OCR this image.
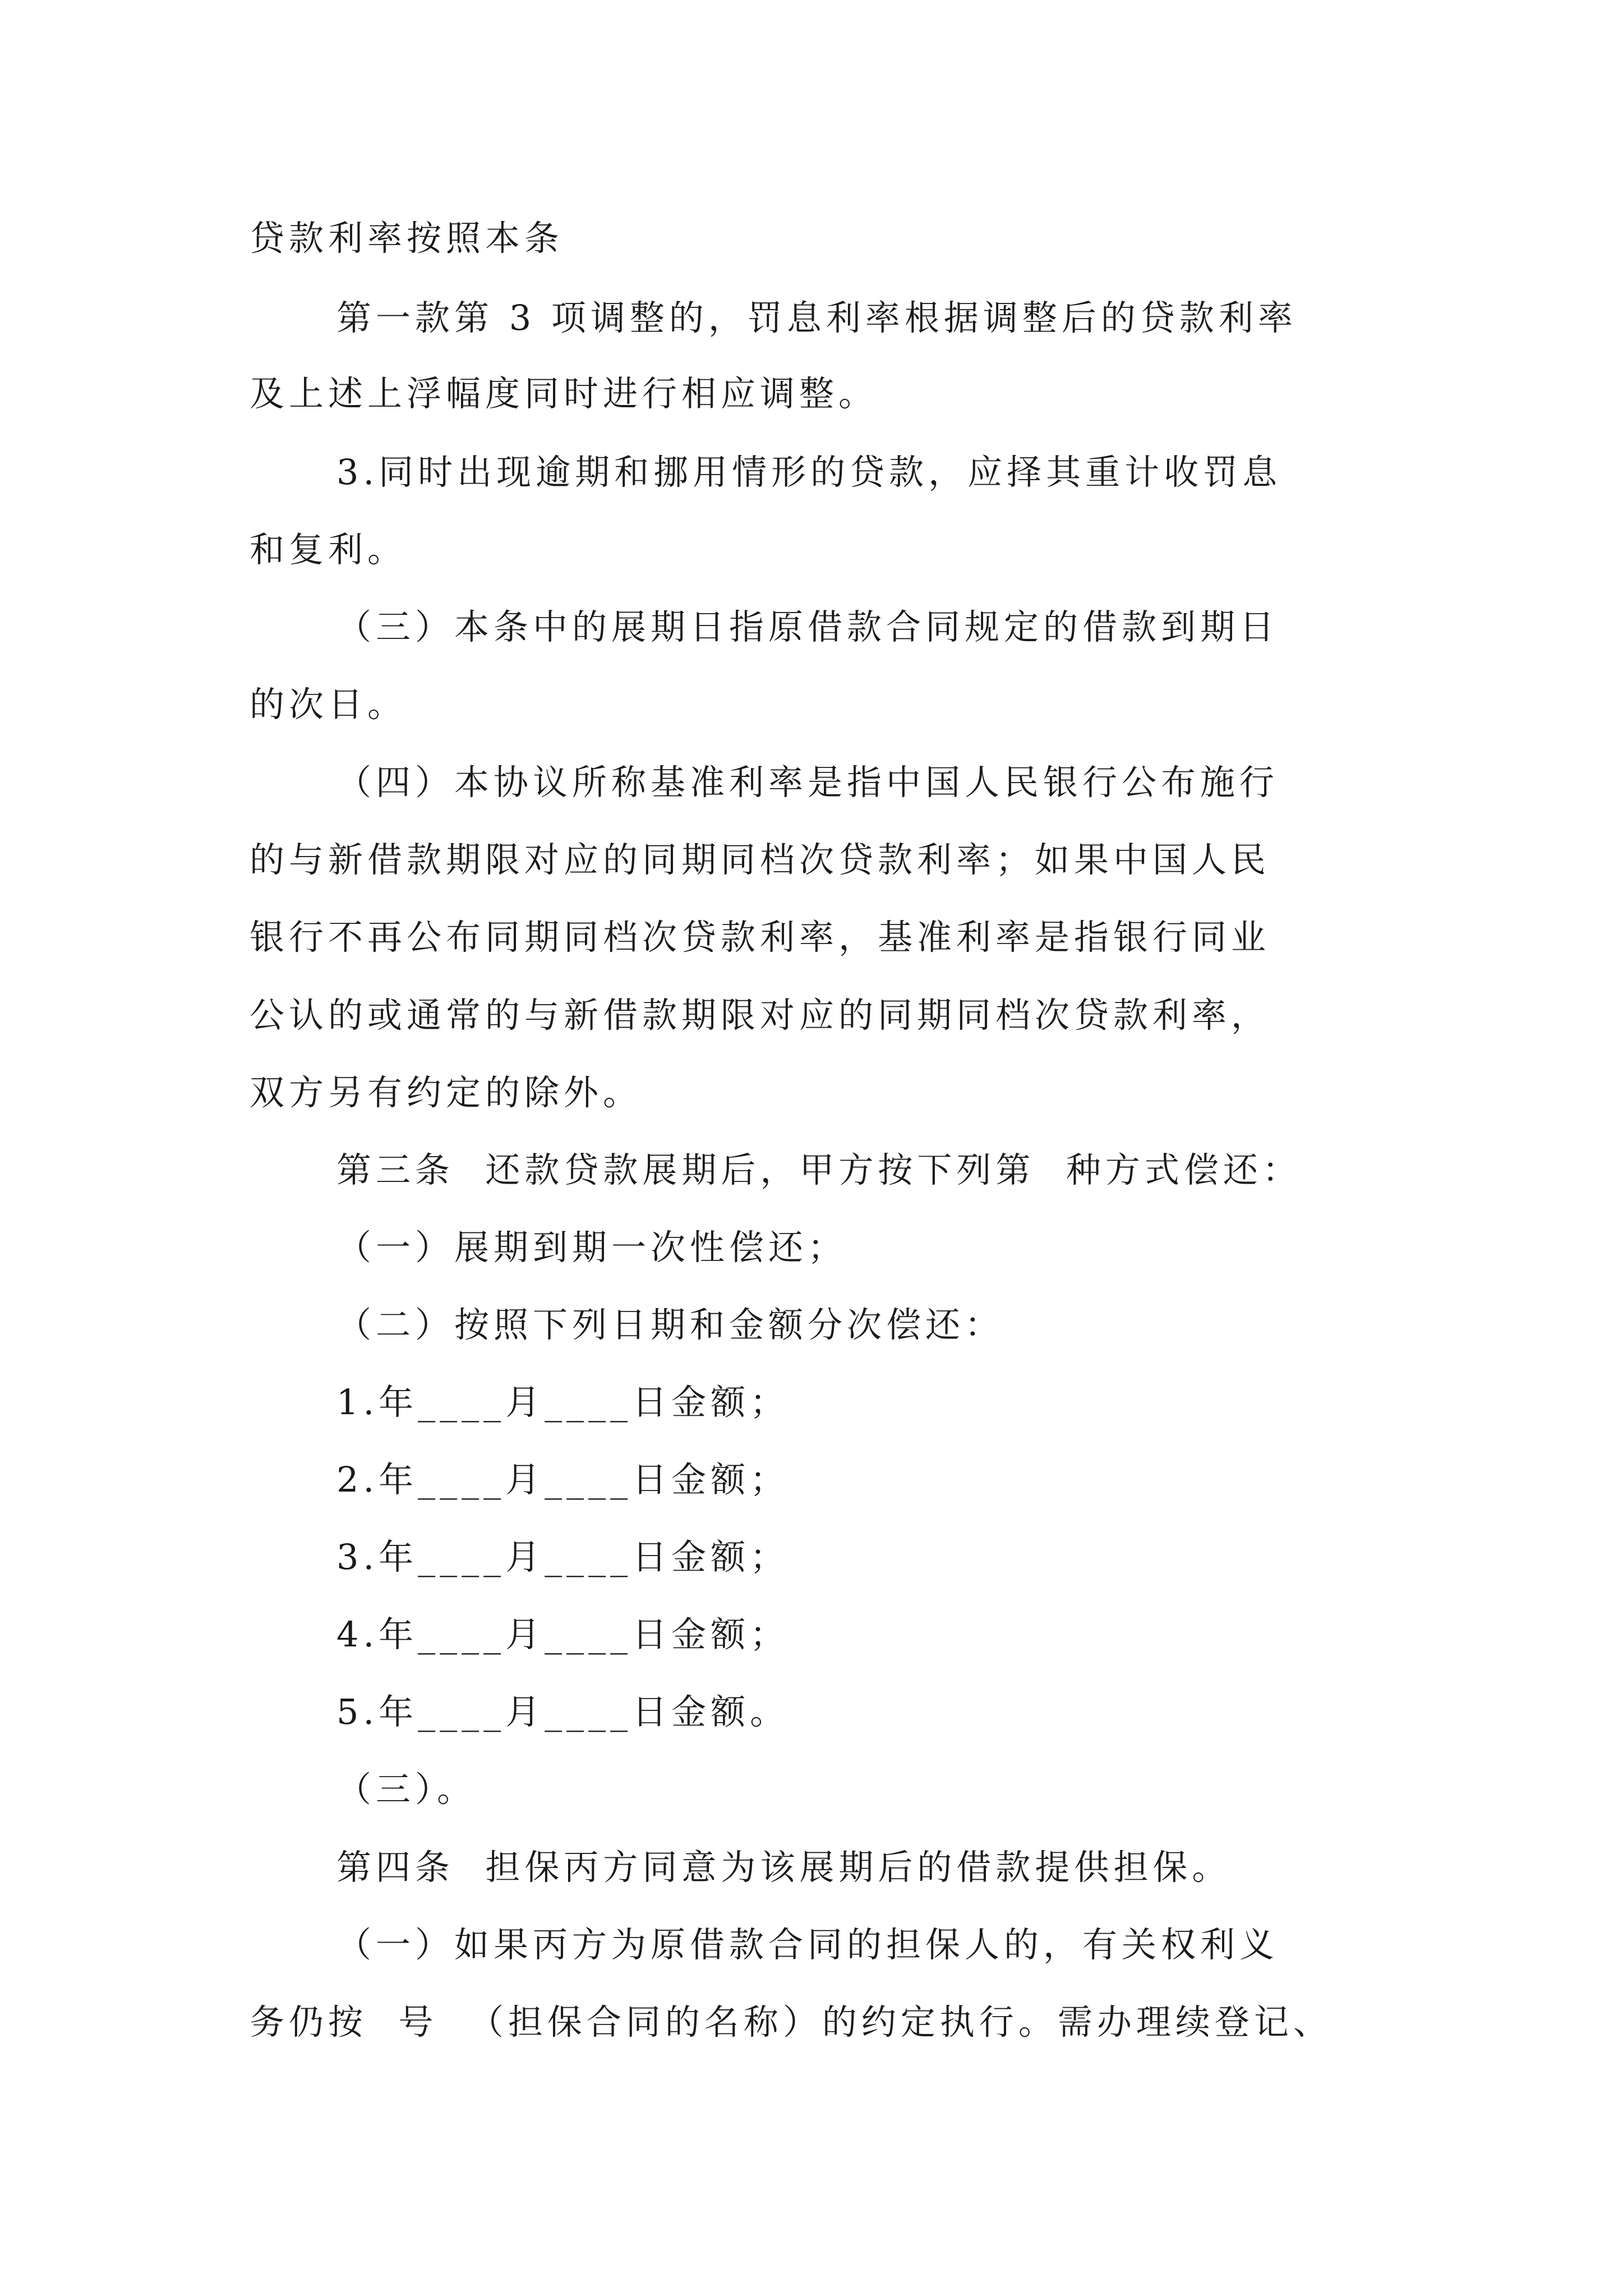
贷款利率按照本条
第一款第 3 项调整的，罚息利率根据调整后的贷款利率
及上述上浮幅度同时进行相应调整。
3.同时出现逾期和挪用情形的贷款，应择其重计收罚息
和复利。
（三）本条中的展期日指原借款合同规定的借款到期日
的次日。
（四）本协议所称基准利率是指中国人民银行公布施行
的与新借款期限对应的同期同档次贷款利率；如果中国人民
银行不再公布同期同档次贷款利率，基准利率是指银行同业
公认的或通常的与新借款期限对应的同期同档次贷款利率，
双方另有约定的除外。
第三条  还款贷款展期后，甲方按下列第  种方式偿还：
（一）展期到期一次性偿还；
（二）按照下列日期和金额分次偿还：
1.年____月____日金额；
2.年____月____日金额；
3.年____月____日金额；
4.年____月____日金额；
5.年____月____日金额。
（三）。
第四条  担保丙方同意为该展期后的借款提供担保。
（一）如果丙方为原借款合同的担保人的，有关权利义
务仍按  号  （担保合同的名称）的约定执行。需办理续登记、
